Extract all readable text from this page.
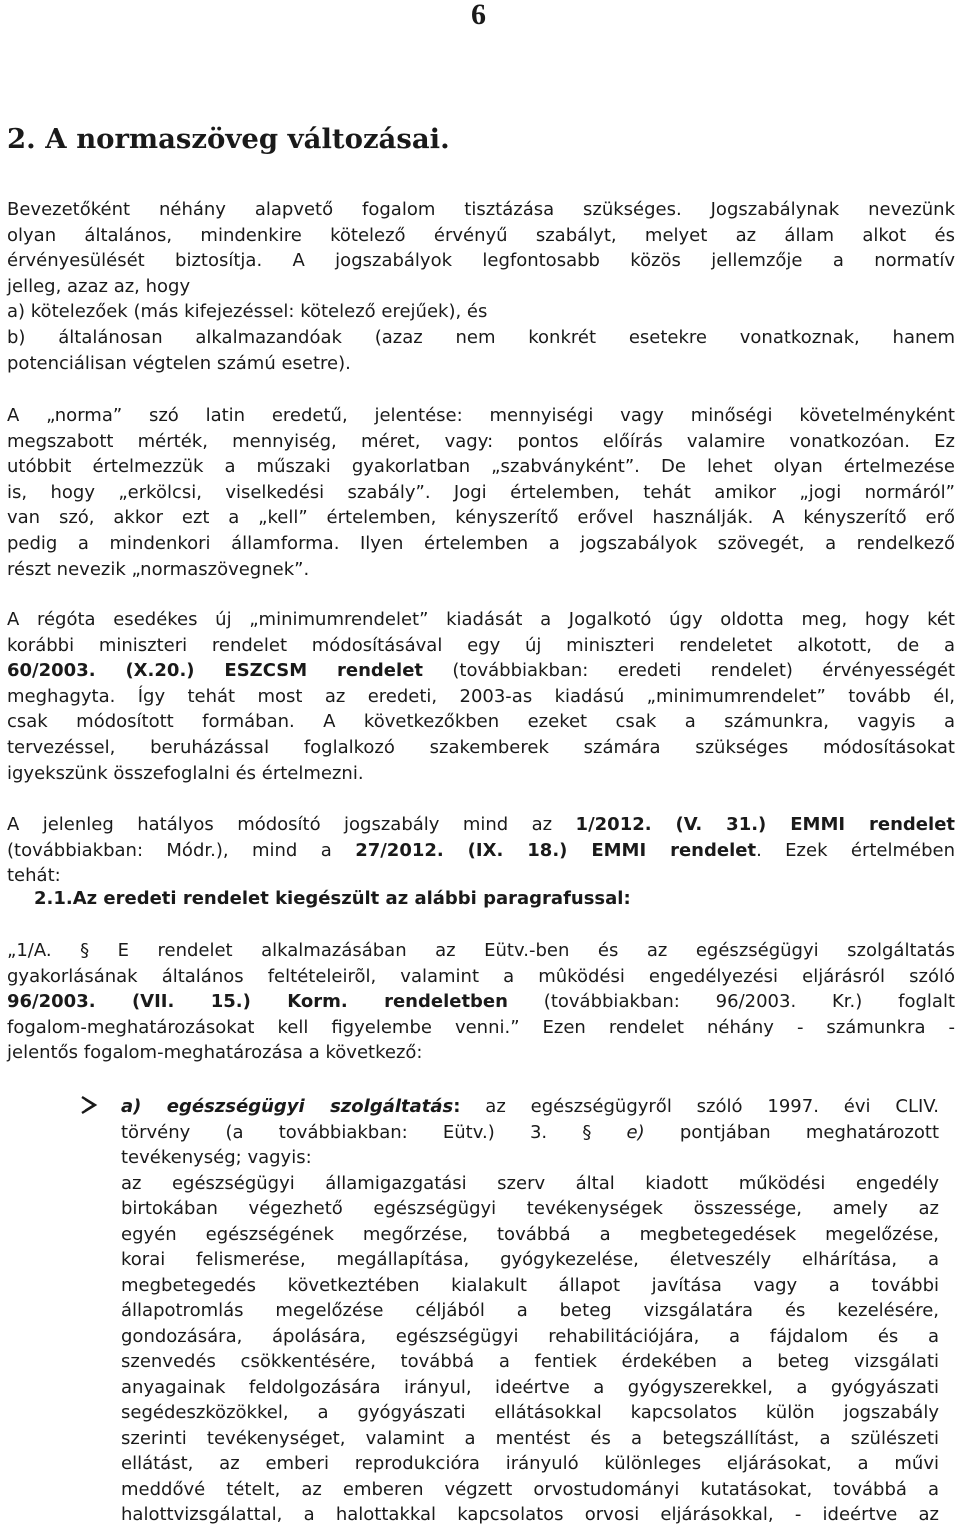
6
2. A normaszöveg változásai.
Bevezetőként néhány alapvető fogalom tisztázása szükséges. Jogszabálynak nevezünk
olyan általános, mindenkire kötelező érvényű szabályt, melyet az állam alkot és
érvényesülését biztosítja. A jogszabályok legfontosabb közös jellemzője a normatív
jelleg, azaz az, hogy
a) kötelezőek (más kifejezéssel: kötelező erejűek), és
b) általánosan alkalmazandóak (azaz nem konkrét esetekre vonatkoznak, hanem
potenciálisan végtelen számú esetre).
A „norma” szó latin eredetű, jelentése: mennyiségi vagy minőségi követelményként
megszabott mérték, mennyiség, méret, vagy: pontos előírás valamire vonatkozóan. Ez
utóbbit értelmezzük a műszaki gyakorlatban „szabványként”. De lehet olyan értelmezése
is, hogy „erkölcsi, viselkedési szabály”. Jogi értelemben, tehát amikor „jogi normáról”
van szó, akkor ezt a „kell” értelemben, kényszerítő erővel használják. A kényszerítő erő
pedig a mindenkori államforma. Ilyen értelemben a jogszabályok szövegét, a rendelkező
részt nevezik „normaszövegnek”.
A régóta esedékes új „minimumrendelet” kiadását a Jogalkotó úgy oldotta meg, hogy két
korábbi miniszteri rendelet módosításával egy új miniszteri rendeletet alkotott, de a
60/2003. (X.20.) ESZCSM rendelet (továbbiakban: eredeti rendelet) érvényességét
meghagyta. Így tehát most az eredeti, 2003-as kiadású „minimumrendelet” tovább él,
csak módosított formában. A következőkben ezeket csak a számunkra, vagyis a
tervezéssel, beruházással foglalkozó szakemberek számára szükséges módosításokat
igyekszünk összefoglalni és értelmezni.
A jelenleg hatályos módosító jogszabály mind az 1/2012. (V. 31.) EMMI rendelet
(továbbiakban: Módr.), mind a 27/2012. (IX. 18.) EMMI rendelet. Ezek értelmében
tehát:
2.1.Az eredeti rendelet kiegészült az alábbi paragrafussal:
„1/A. § E rendelet alkalmazásában az Eütv.-ben és az egészségügyi szolgáltatás
gyakorlásának általános feltételeirõl, valamint a mûködési engedélyezési eljárásról szóló
96/2003. (VII. 15.) Korm. rendeletben (továbbiakban: 96/2003. Kr.) foglalt
fogalom-meghatározásokat kell figyelembe venni.” Ezen rendelet néhány - számunkra -
jelentős fogalom-meghatározása a következő:
a) egészségügyi szolgáltatás: az egészségügyről szóló 1997. évi CLIV.
törvény (a továbbiakban: Eütv.) 3. § e) pontjában meghatározott
tevékenység; vagyis:
az egészségügyi államigazgatási szerv által kiadott működési engedély
birtokában végezhető egészségügyi tevékenységek összessége, amely az
egyén egészségének megőrzése, továbbá a megbetegedések megelőzése,
korai felismerése, megállapítása, gyógykezelése, életveszély elhárítása, a
megbetegedés következtében kialakult állapot javítása vagy a további
állapotromlás megelőzése céljából a beteg vizsgálatára és kezelésére,
gondozására, ápolására, egészségügyi rehabilitációjára, a fájdalom és a
szenvedés csökkentésére, továbbá a fentiek érdekében a beteg vizsgálati
anyagainak feldolgozására irányul, ideértve a gyógyszerekkel, a gyógyászati
segédeszközökkel, a gyógyászati ellátásokkal kapcsolatos külön jogszabály
szerinti tevékenységet, valamint a mentést és a betegszállítást, a szülészeti
ellátást, az emberi reprodukcióra irányuló különleges eljárásokat, a művi
meddővé tételt, az emberen végzett orvostudományi kutatásokat, továbbá a
halottvizsgálattal, a halottakkal kapcsolatos orvosi eljárásokkal, - ideértve az
